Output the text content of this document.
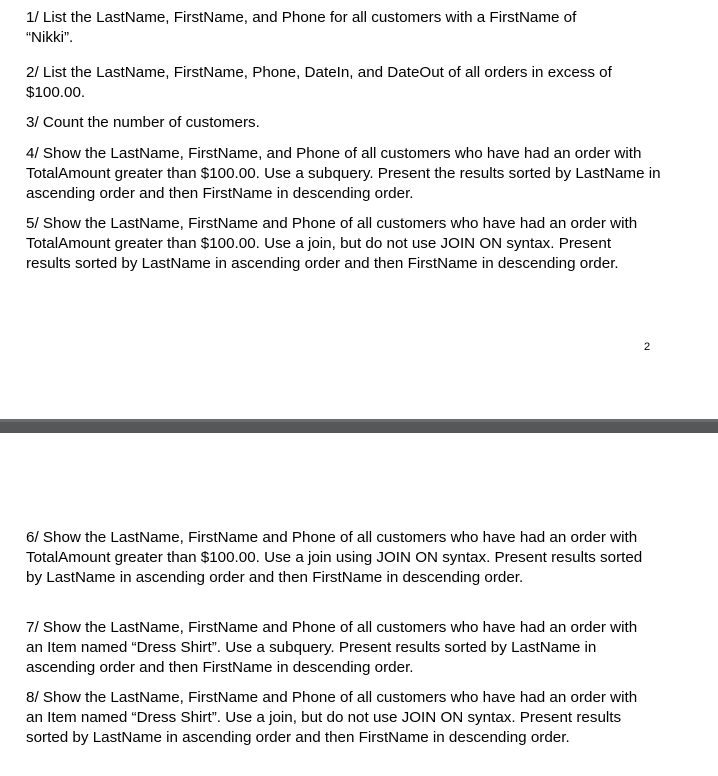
1/ List the LastName, FirstName, and Phone for all customers with a FirstName of “Nikki”.

2/ List the LastName, FirstName, Phone, DateIn, and DateOut of all orders in excess of $100.00.

3/ Count the number of customers.

4/ Show the LastName, FirstName, and Phone of all customers who have had an order with TotalAmount greater than $100.00. Use a subquery. Present the results sorted by LastName in ascending order and then FirstName in descending order.

5/ Show the LastName, FirstName and Phone of all customers who have had an order with TotalAmount greater than $100.00. Use a join, but do not use JOIN ON syntax. Present results sorted by LastName in ascending order and then FirstName in descending order.

2

6/ Show the LastName, FirstName and Phone of all customers who have had an order with TotalAmount greater than $100.00. Use a join using JOIN ON syntax. Present results sorted by LastName in ascending order and then FirstName in descending order.

7/ Show the LastName, FirstName and Phone of all customers who have had an order with an Item named “Dress Shirt”. Use a subquery. Present results sorted by LastName in ascending order and then FirstName in descending order.

8/ Show the LastName, FirstName and Phone of all customers who have had an order with an Item named “Dress Shirt”. Use a join, but do not use JOIN ON syntax. Present results sorted by LastName in ascending order and then FirstName in descending order.
